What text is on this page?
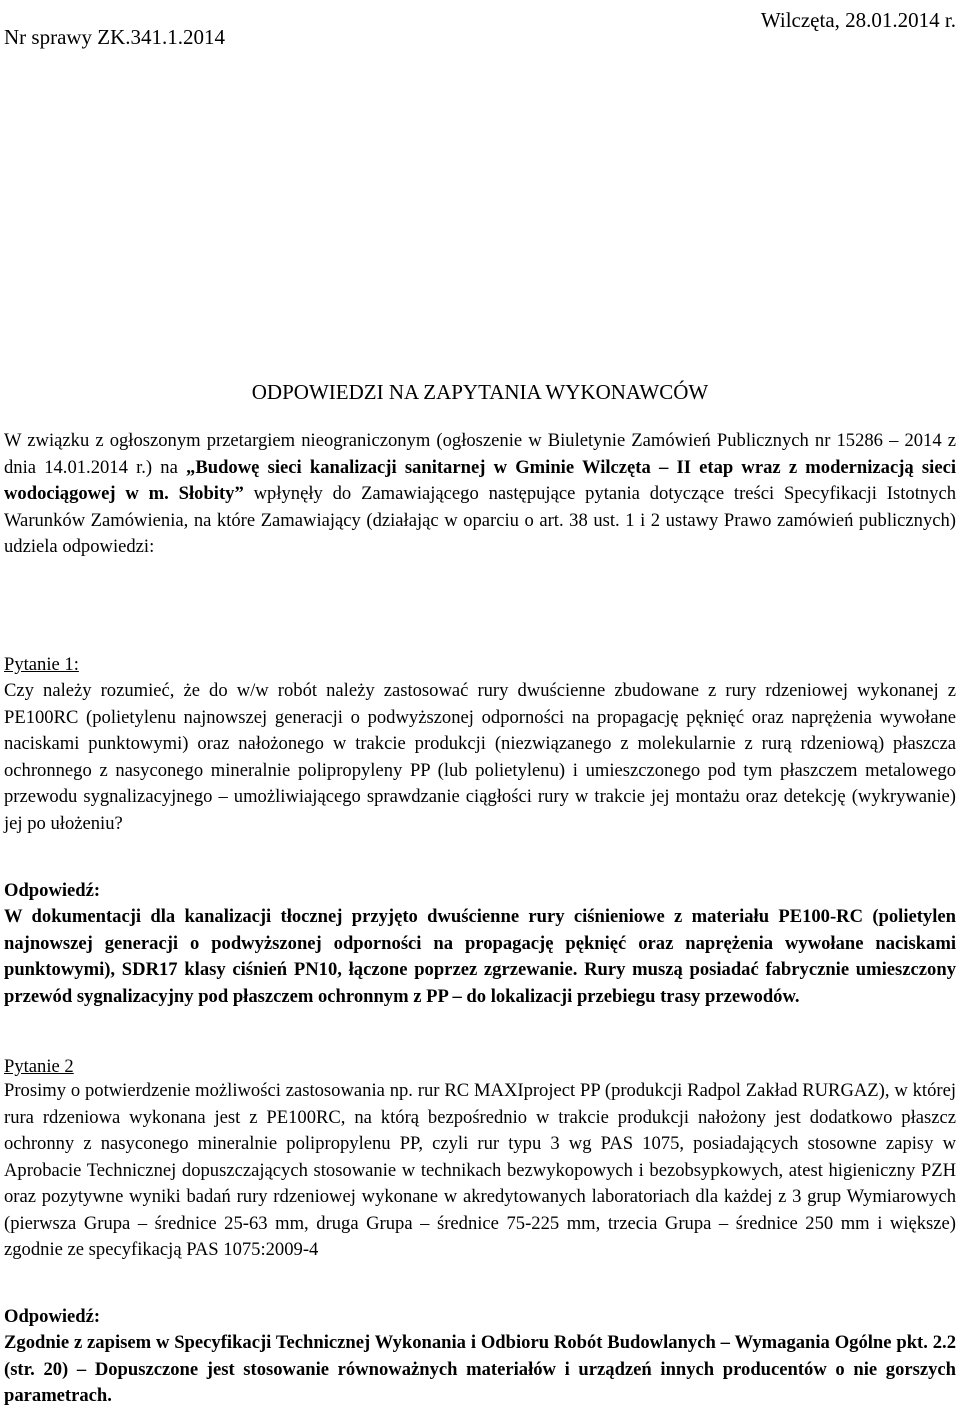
Nr sprawy ZK.341.1.2014
Wilczęta, 28.01.2014 r.
ODPOWIEDZI NA ZAPYTANIA WYKONAWCÓW

W związku z ogłoszonym przetargiem nieograniczonym (ogłoszenie w Biuletynie Zamówień Publicznych nr 15286 – 2014 z dnia 14.01.2014 r.) na „Budowę sieci kanalizacji sanitarnej w Gminie Wilczęta – II etap wraz z modernizacją sieci wodociągowej w m. Słobity” wpłynęły do Zamawiającego następujące pytania dotyczące treści Specyfikacji Istotnych Warunków Zamówienia, na które Zamawiający (działając w oparciu o art. 38 ust. 1 i 2 ustawy Prawo zamówień publicznych) udziela odpowiedzi:

Pytanie 1:

Czy należy rozumieć, że do w/w robót należy zastosować rury dwuścienne zbudowane z rury rdzeniowej wykonanej z PE100RC (polietylenu najnowszej generacji o podwyższonej odporności na propagację pęknięć oraz naprężenia wywołane naciskami punktowymi) oraz nałożonego w trakcie produkcji (niezwiązanego z molekularnie z rurą rdzeniową) płaszcza ochronnego z nasyconego mineralnie polipropyleny PP (lub polietylenu) i umieszczonego pod tym płaszczem metalowego przewodu sygnalizacyjnego – umożliwiającego sprawdzanie ciągłości rury w trakcie jej montażu oraz detekcję (wykrywanie) jej po ułożeniu?

Odpowiedź:

W dokumentacji dla kanalizacji tłocznej przyjęto dwuścienne rury ciśnieniowe z materiału PE100-RC (polietylen najnowszej generacji o podwyższonej odporności na propagację pęknięć oraz naprężenia wywołane naciskami punktowymi), SDR17 klasy ciśnień PN10, łączone poprzez zgrzewanie. Rury muszą posiadać fabrycznie umieszczony przewód sygnalizacyjny pod płaszczem ochronnym z PP – do lokalizacji przebiegu trasy przewodów.

Pytanie 2

Prosimy o potwierdzenie możliwości zastosowania np. rur RC MAXIproject PP (produkcji Radpol Zakład RURGAZ), w której rura rdzeniowa wykonana jest z PE100RC, na którą bezpośrednio w trakcie produkcji nałożony jest dodatkowo płaszcz ochronny z nasyconego mineralnie polipropylenu PP, czyli rur typu 3 wg PAS 1075, posiadających stosowne zapisy w Aprobacie Technicznej dopuszczających stosowanie w technikach bezwykopowych i bezobsypkowych, atest higieniczny PZH oraz pozytywne wyniki badań rury rdzeniowej wykonane w akredytowanych laboratoriach dla każdej z 3 grup Wymiarowych (pierwsza Grupa – średnice 25-63 mm, druga Grupa – średnice 75-225 mm, trzecia Grupa – średnice 250 mm i większe) zgodnie ze specyfikacją PAS 1075:2009-4

Odpowiedź:

Zgodnie z zapisem w Specyfikacji Technicznej Wykonania i Odbioru Robót Budowlanych – Wymagania Ogólne pkt. 2.2 (str. 20) – Dopuszczone jest stosowanie równoważnych materiałów i urządzeń innych producentów o nie gorszych parametrach.
